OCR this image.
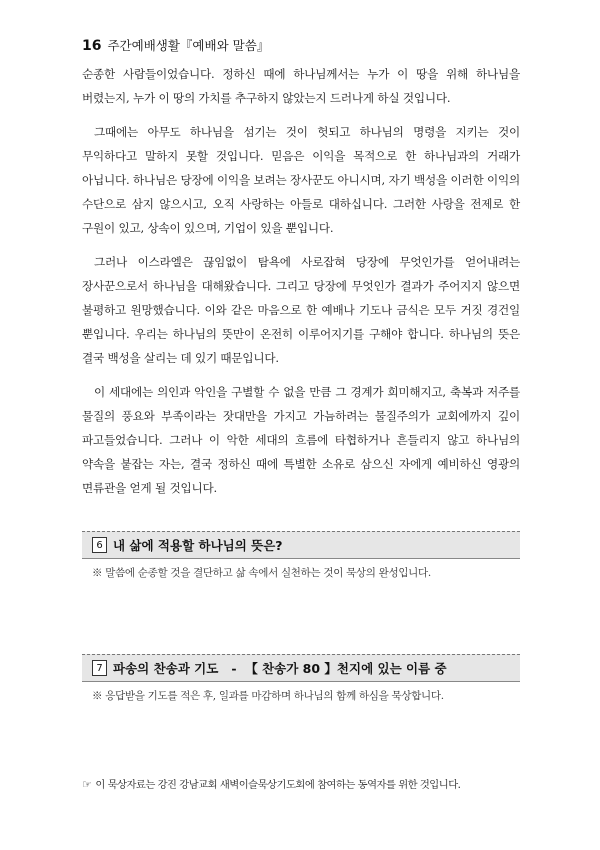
16 주간예배생활『예배와 말씀』

순종한 사람들이었습니다. 정하신 때에 하나님께서는 누가 이 땅을 위해 하나님을 버렸는지, 누가 이 땅의 가치를 추구하지 않았는지 드러나게 하실 것입니다.

그때에는 아무도 하나님을 섬기는 것이 헛되고 하나님의 명령을 지키는 것이 무익하다고 말하지 못할 것입니다. 믿음은 이익을 목적으로 한 하나님과의 거래가 아닙니다. 하나님은 당장에 이익을 보려는 장사꾼도 아니시며, 자기 백성을 이러한 이익의 수단으로 삼지 않으시고, 오직 사랑하는 아들로 대하십니다. 그러한 사랑을 전제로 한 구원이 있고, 상속이 있으며, 기업이 있을 뿐입니다.

그러나 이스라엘은 끊임없이 탐욕에 사로잡혀 당장에 무엇인가를 얻어내려는 장사꾼으로서 하나님을 대해왔습니다. 그리고 당장에 무엇인가 결과가 주어지지 않으면 불평하고 원망했습니다. 이와 같은 마음으로 한 예배나 기도나 금식은 모두 거짓 경건일 뿐입니다. 우리는 하나님의 뜻만이 온전히 이루어지기를 구해야 합니다. 하나님의 뜻은 결국 백성을 살리는 데 있기 때문입니다.

이 세대에는 의인과 악인을 구별할 수 없을 만큼 그 경계가 희미해지고, 축복과 저주를 물질의 풍요와 부족이라는 잣대만을 가지고 가늠하려는 물질주의가 교회에까지 깊이 파고들었습니다. 그러나 이 악한 세대의 흐름에 타협하거나 흔들리지 않고 하나님의 약속을 붙잡는 자는, 결국 정하신 때에 특별한 소유로 삼으신 자에게 예비하신 영광의 면류관을 얻게 될 것입니다.

6 내 삶에 적용할 하나님의 뜻은?
※ 말씀에 순종할 것을 결단하고 삶 속에서 실천하는 것이 묵상의 완성입니다.
7 파송의 찬송과 기도   -  【 찬송가 80 】천지에 있는 이름 중
※ 응답받을 기도를 적은 후, 일과를 마감하며 하나님의 함께 하심을 묵상합니다.
☞ 이 묵상자료는 강진 강남교회 새벽이슬묵상기도회에 참여하는 동역자를 위한 것입니다.
